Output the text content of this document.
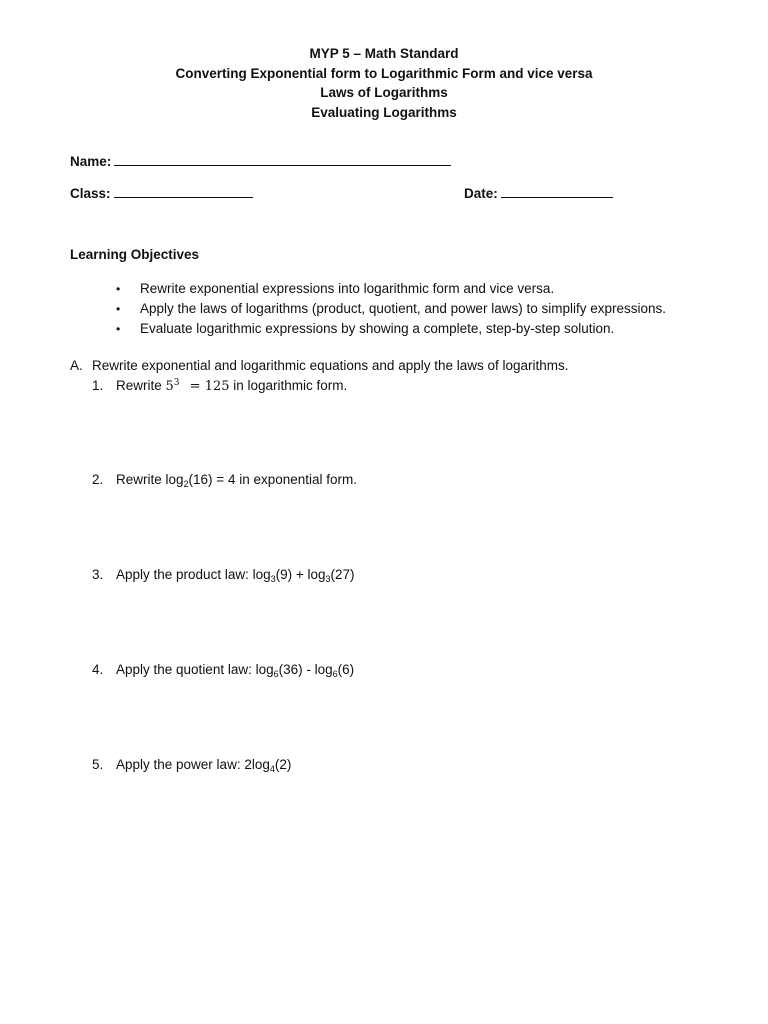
MYP 5 – Math Standard
Converting Exponential form to Logarithmic Form and vice versa
Laws of Logarithms
Evaluating Logarithms
Name:
Class:	Date:
Learning Objectives
• Rewrite exponential expressions into logarithmic form and vice versa.
• Apply the laws of logarithms (product, quotient, and power laws) to simplify expressions.
• Evaluate logarithmic expressions by showing a complete, step-by-step solution.
A. Rewrite exponential and logarithmic equations and apply the laws of logarithms.
1. Rewrite $5^3 = 125$ in logarithmic form.
2. Rewrite $\log_2(16) = 4$ in exponential form.
3. Apply the product law: $\log_3(9) + \log_3(27)$
4. Apply the quotient law: $\log_6(36) - \log_6(6)$
5. Apply the power law: $2\log_4(2)$
